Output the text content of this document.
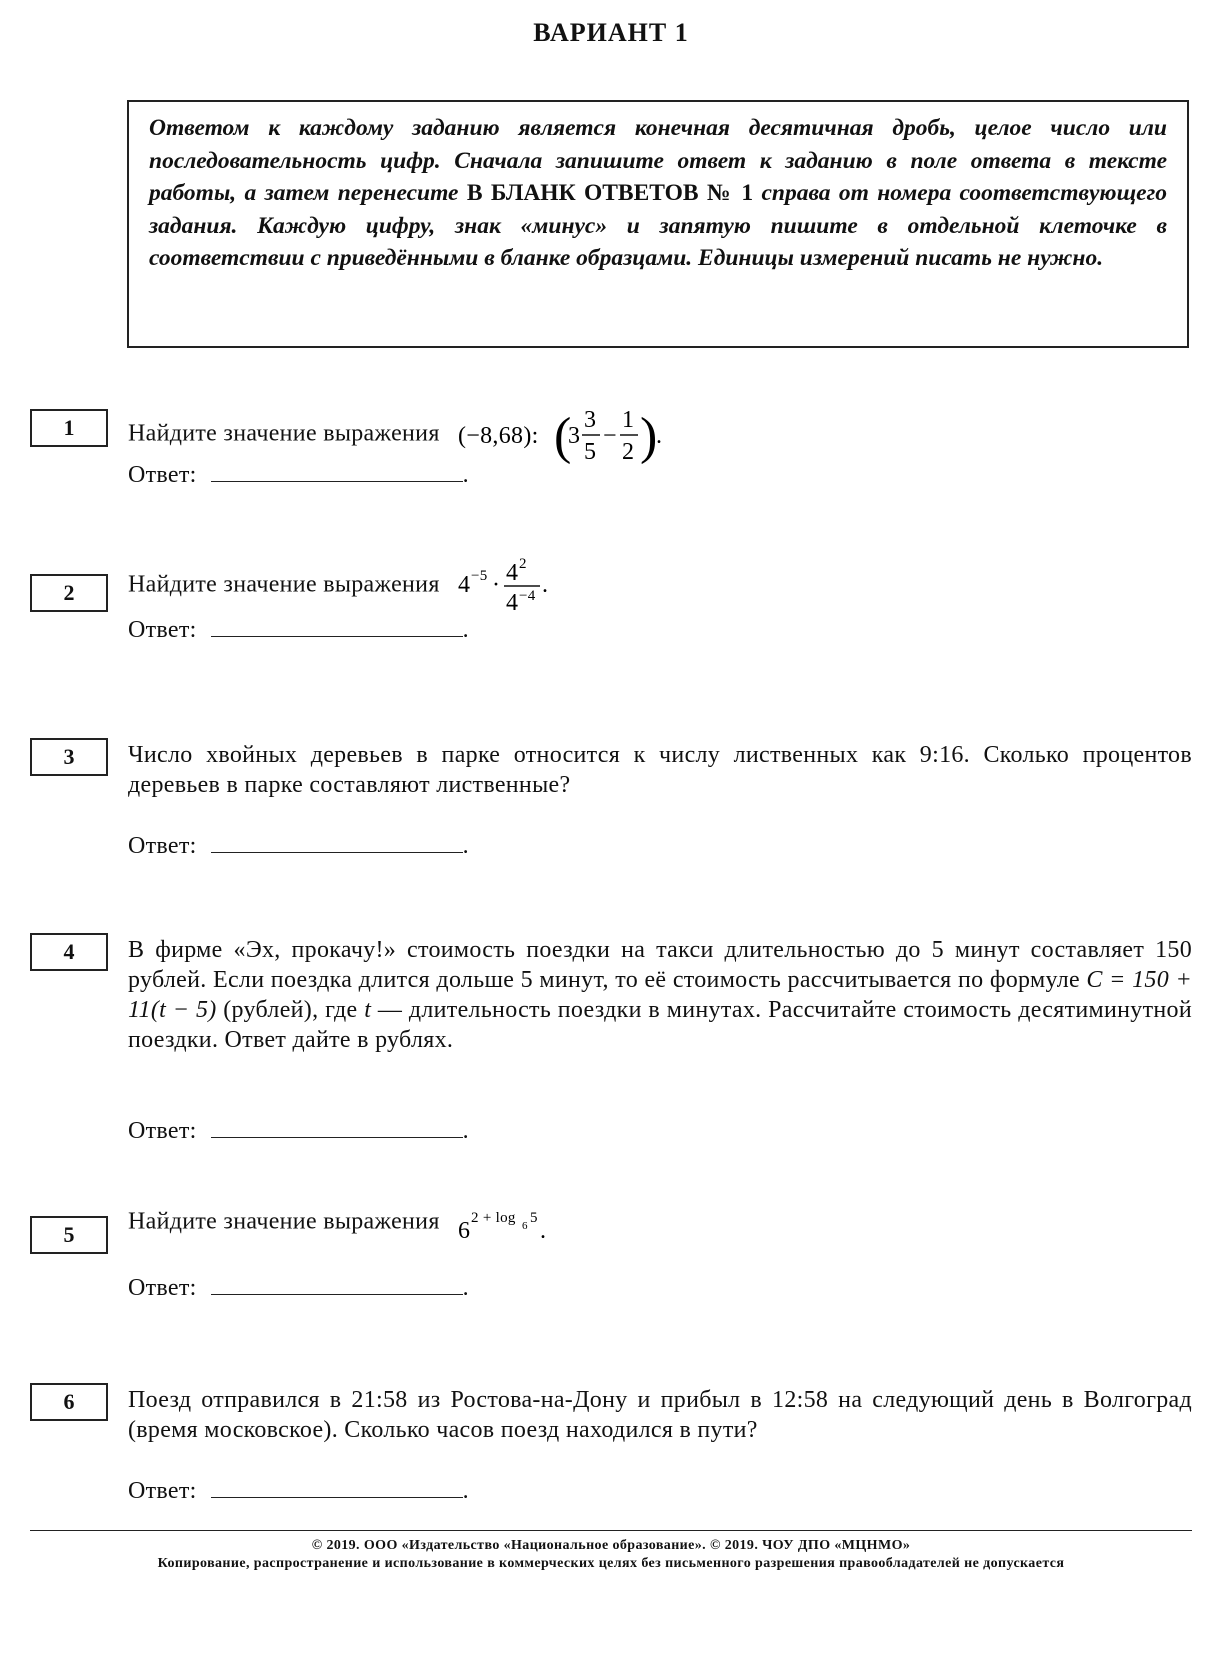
ВАРИАНТ 1
Ответом к каждому заданию является конечная десятичная дробь, целое число или последовательность цифр. Сначала запишите ответ к заданию в поле ответа в тексте работы, а затем перенесите В БЛАНК ОТВЕТОВ № 1 справа от номера соответствующего задания. Каждую цифру, знак «минус» и запятую пишите в отдельной клеточке в соответствии с приведёнными в бланке образцами. Единицы измерений писать не нужно.
1	Найдите значение выражения (−8,68): (
3
3
5
−
1
2 )
.
Ответ:	.
2	Найдите значение выражения 4 −5 · 4 2
4 −4 .
Ответ:	.
3	Число хвойных деревьев в парке относится к числу лиственных как 9:16. Сколько процентов деревьев в парке составляют лиственные?
Ответ:	.
4	В фирме «Эх, прокачу!» стоимость поездки на такси длительностью до 5 минут составляет 150 рублей. Если поездка длится дольше 5 минут, то её стоимость рассчитывается по формуле C = 150 + 11(t − 5) (рублей), где t — длительность поездки в минутах. Рассчитайте стоимость десятиминутной поездки. Ответ дайте в рублях.
Ответ:	.
5	Найдите значение выражения 6 2 + log 6 5 .
Ответ:	.
6	Поезд отправился в 21:58 из Ростова-на-Дону и прибыл в 12:58 на следующий день в Волгоград (время московское). Сколько часов поезд находился в пути?
Ответ:	.
© 2019. ООО «Издательство «Национальное образование». © 2019. ЧОУ ДПО «МЦНМО»
Копирование, распространение и использование в коммерческих целях без письменного разрешения правообладателей не допускается
